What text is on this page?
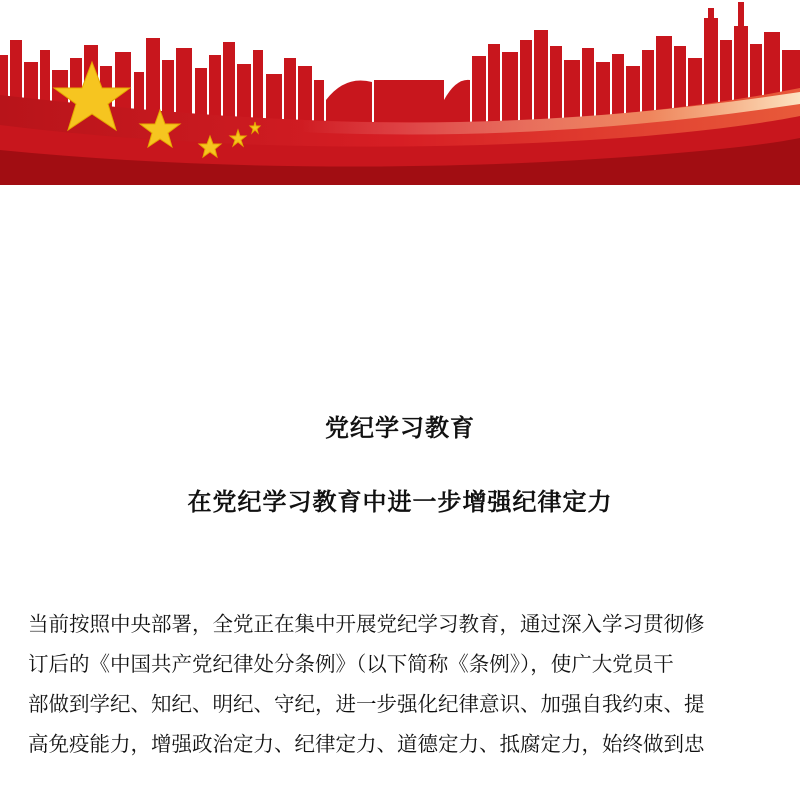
党纪学习教育
在党纪学习教育中进一步增强纪律定力
当前按照中央部署，全党正在集中开展党纪学习教育，通过深入学习贯彻修
订后的《中国共产党纪律处分条例》（以下简称《条例》），使广大党员干
部做到学纪、知纪、明纪、守纪，进一步强化纪律意识、加强自我约束、提
高免疫能力，增强政治定力、纪律定力、道德定力、抵腐定力，始终做到忠
